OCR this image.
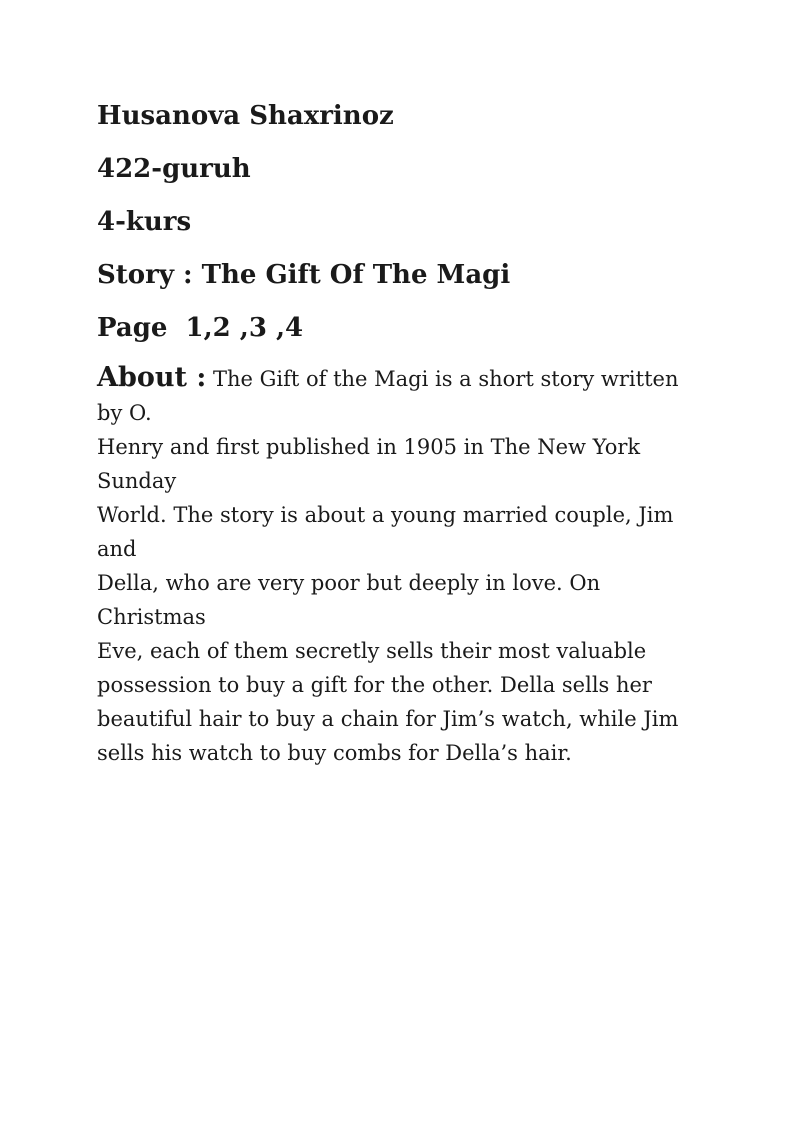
Husanova Shaxrinoz
422-guruh
4-kurs
Story : The Gift Of The Magi
Page  1,2 ,3 ,4
About : The Gift of the Magi is a short story written by O.
Henry and first published in 1905 in The New York Sunday
World. The story is about a young married couple, Jim and
Della, who are very poor but deeply in love. On Christmas
Eve, each of them secretly sells their most valuable
possession to buy a gift for the other. Della sells her
beautiful hair to buy a chain for Jim’s watch, while Jim
sells his watch to buy combs for Della’s hair.
